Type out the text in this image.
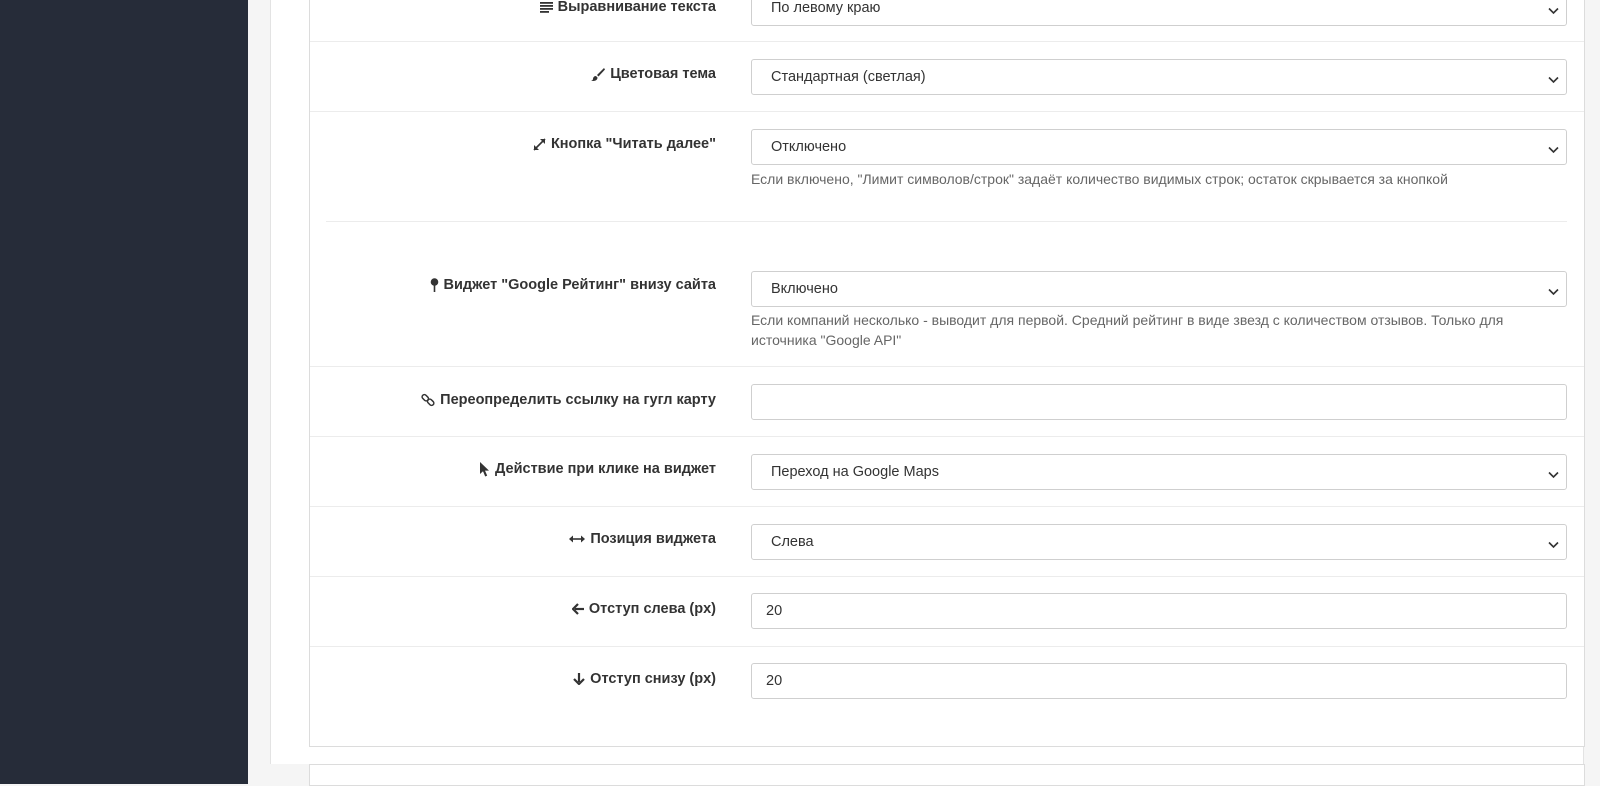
Выравнивание текста	По левому краю
Цветовая тема	Стандартная (светлая)
Кнопка "Читать далее"	Отключено
Если включено, "Лимит символов/строк" задаёт количество видимых строк; остаток скрывается за кнопкой
Виджет "Google Рейтинг" внизу сайта	Включено
Если компаний несколько - выводит для первой. Средний рейтинг в виде звезд с количеством отзывов. Только для источника "Google API"
Переопределить ссылку на гугл карту
Действие при клике на виджет	Переход на Google Maps
Позиция виджета	Слева
Отступ слева (px)	20
Отступ снизу (px)	20
